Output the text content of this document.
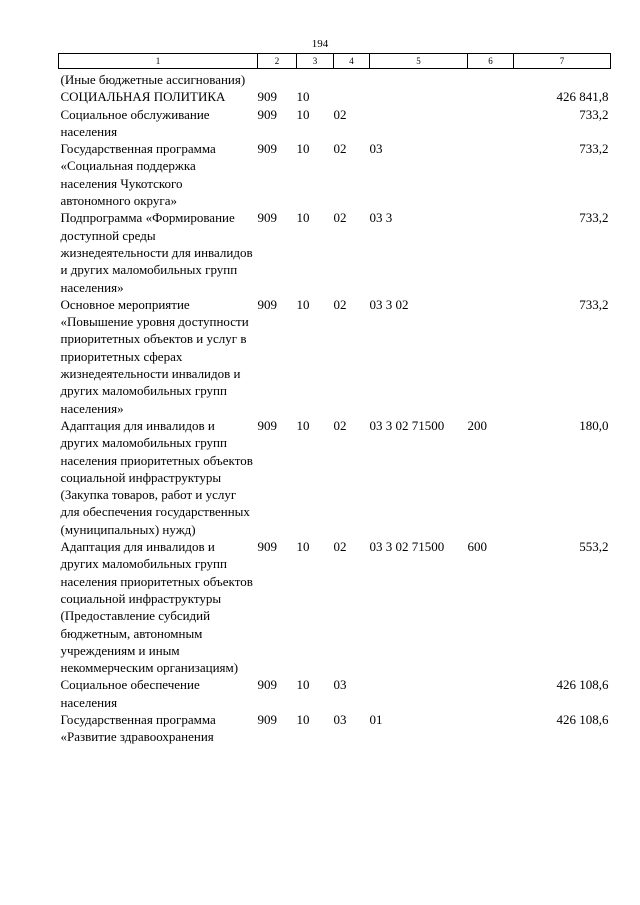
194
1	2	3	4	5	6	7
(Иные бюджетные ассигнования)						
СОЦИАЛЬНАЯ ПОЛИТИКА	909	10				426 841,8
Социальное обслуживание населения	909	10	02			733,2
Государственная программа «Социальная поддержка населения Чукотского автономного округа»	909	10	02	03		733,2
Подпрограмма «Формирование доступной среды жизнедеятельности для инвалидов и других маломобильных групп населения»	909	10	02	03 3		733,2
Основное мероприятие «Повышение уровня доступности приоритетных объектов и услуг в приоритетных сферах жизнедеятельности инвалидов и других маломобильных групп населения»	909	10	02	03 3 02		733,2
Адаптация для инвалидов и других маломобильных групп населения приоритетных объектов социальной инфраструктуры (Закупка товаров, работ и услуг для обеспечения государственных (муниципальных) нужд)	909	10	02	03 3 02 71500	200	180,0
Адаптация для инвалидов и других маломобильных групп населения приоритетных объектов социальной инфраструктуры (Предоставление субсидий бюджетным, автономным учреждениям и иным некоммерческим организациям)	909	10	02	03 3 02 71500	600	553,2
Социальное обеспечение населения	909	10	03			426 108,6
Государственная программа «Развитие здравоохранения	909	10	03	01		426 108,6
